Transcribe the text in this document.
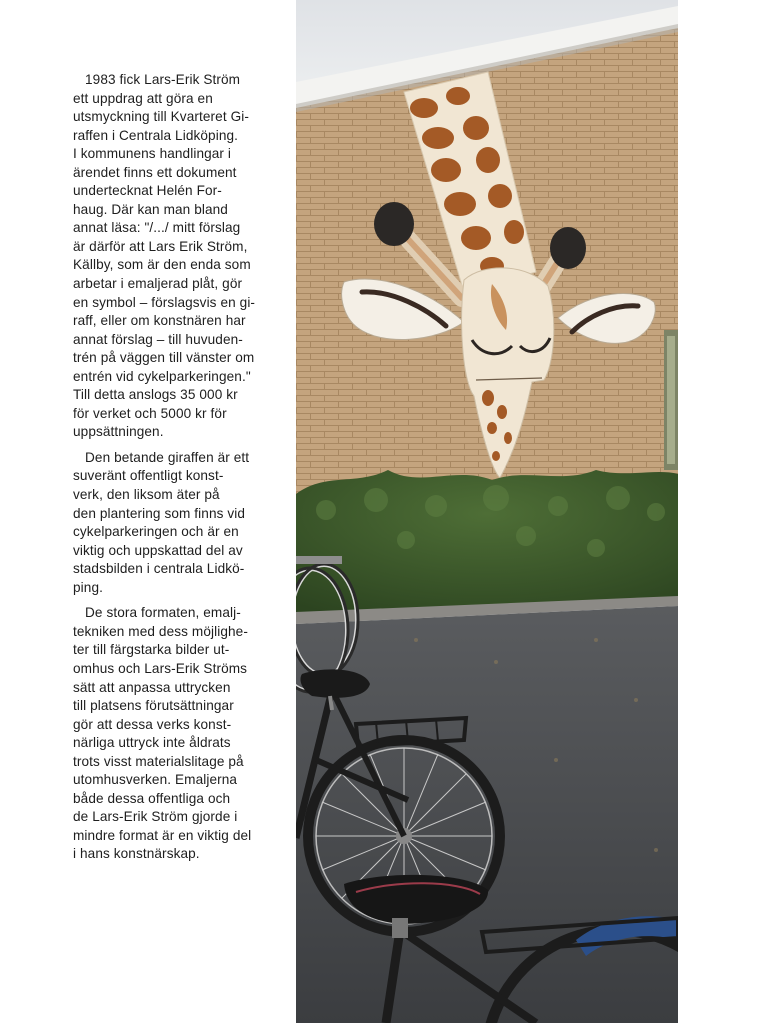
1983 fick Lars-Erik Ström
ett uppdrag att göra en
utsmyckning till Kvarteret Gi-
raffen i Centrala Lidköping.
I kommunens handlingar i
ärendet finns ett dokument
undertecknat Helén For-
haug. Där kan man bland
annat läsa: "/.../ mitt förslag
är därför att Lars Erik Ström,
Källby, som är den enda som
arbetar i emaljerad plåt, gör
en symbol – förslagsvis en gi-
raff, eller om konstnären har
annat förslag – till huvuden-
trén på väggen till vänster om
entrén vid cykelparkeringen."
Till detta anslogs 35 000 kr
för verket och 5000 kr för
uppsättningen.

Den betande giraffen är ett
suveränt offentligt konst-
verk, den liksom äter på
den plantering som finns vid
cykelparkeringen och är en
viktig och uppskattad del av
stadsbilden i centrala Lidkö-
ping.

De stora formaten, emalj-
tekniken med dess möjlighe-
ter till färgstarka bilder ut-
omhus och Lars-Erik Ströms
sätt att anpassa uttrycken
till platsens förutsättningar
gör att dessa verks konst-
närliga uttryck inte åldrats
trots visst materialslitage på
utomhusverken. Emaljerna
både dessa offentliga och
de Lars-Erik Ström gjorde i
mindre format är en viktig del
i hans konstnärskap.
